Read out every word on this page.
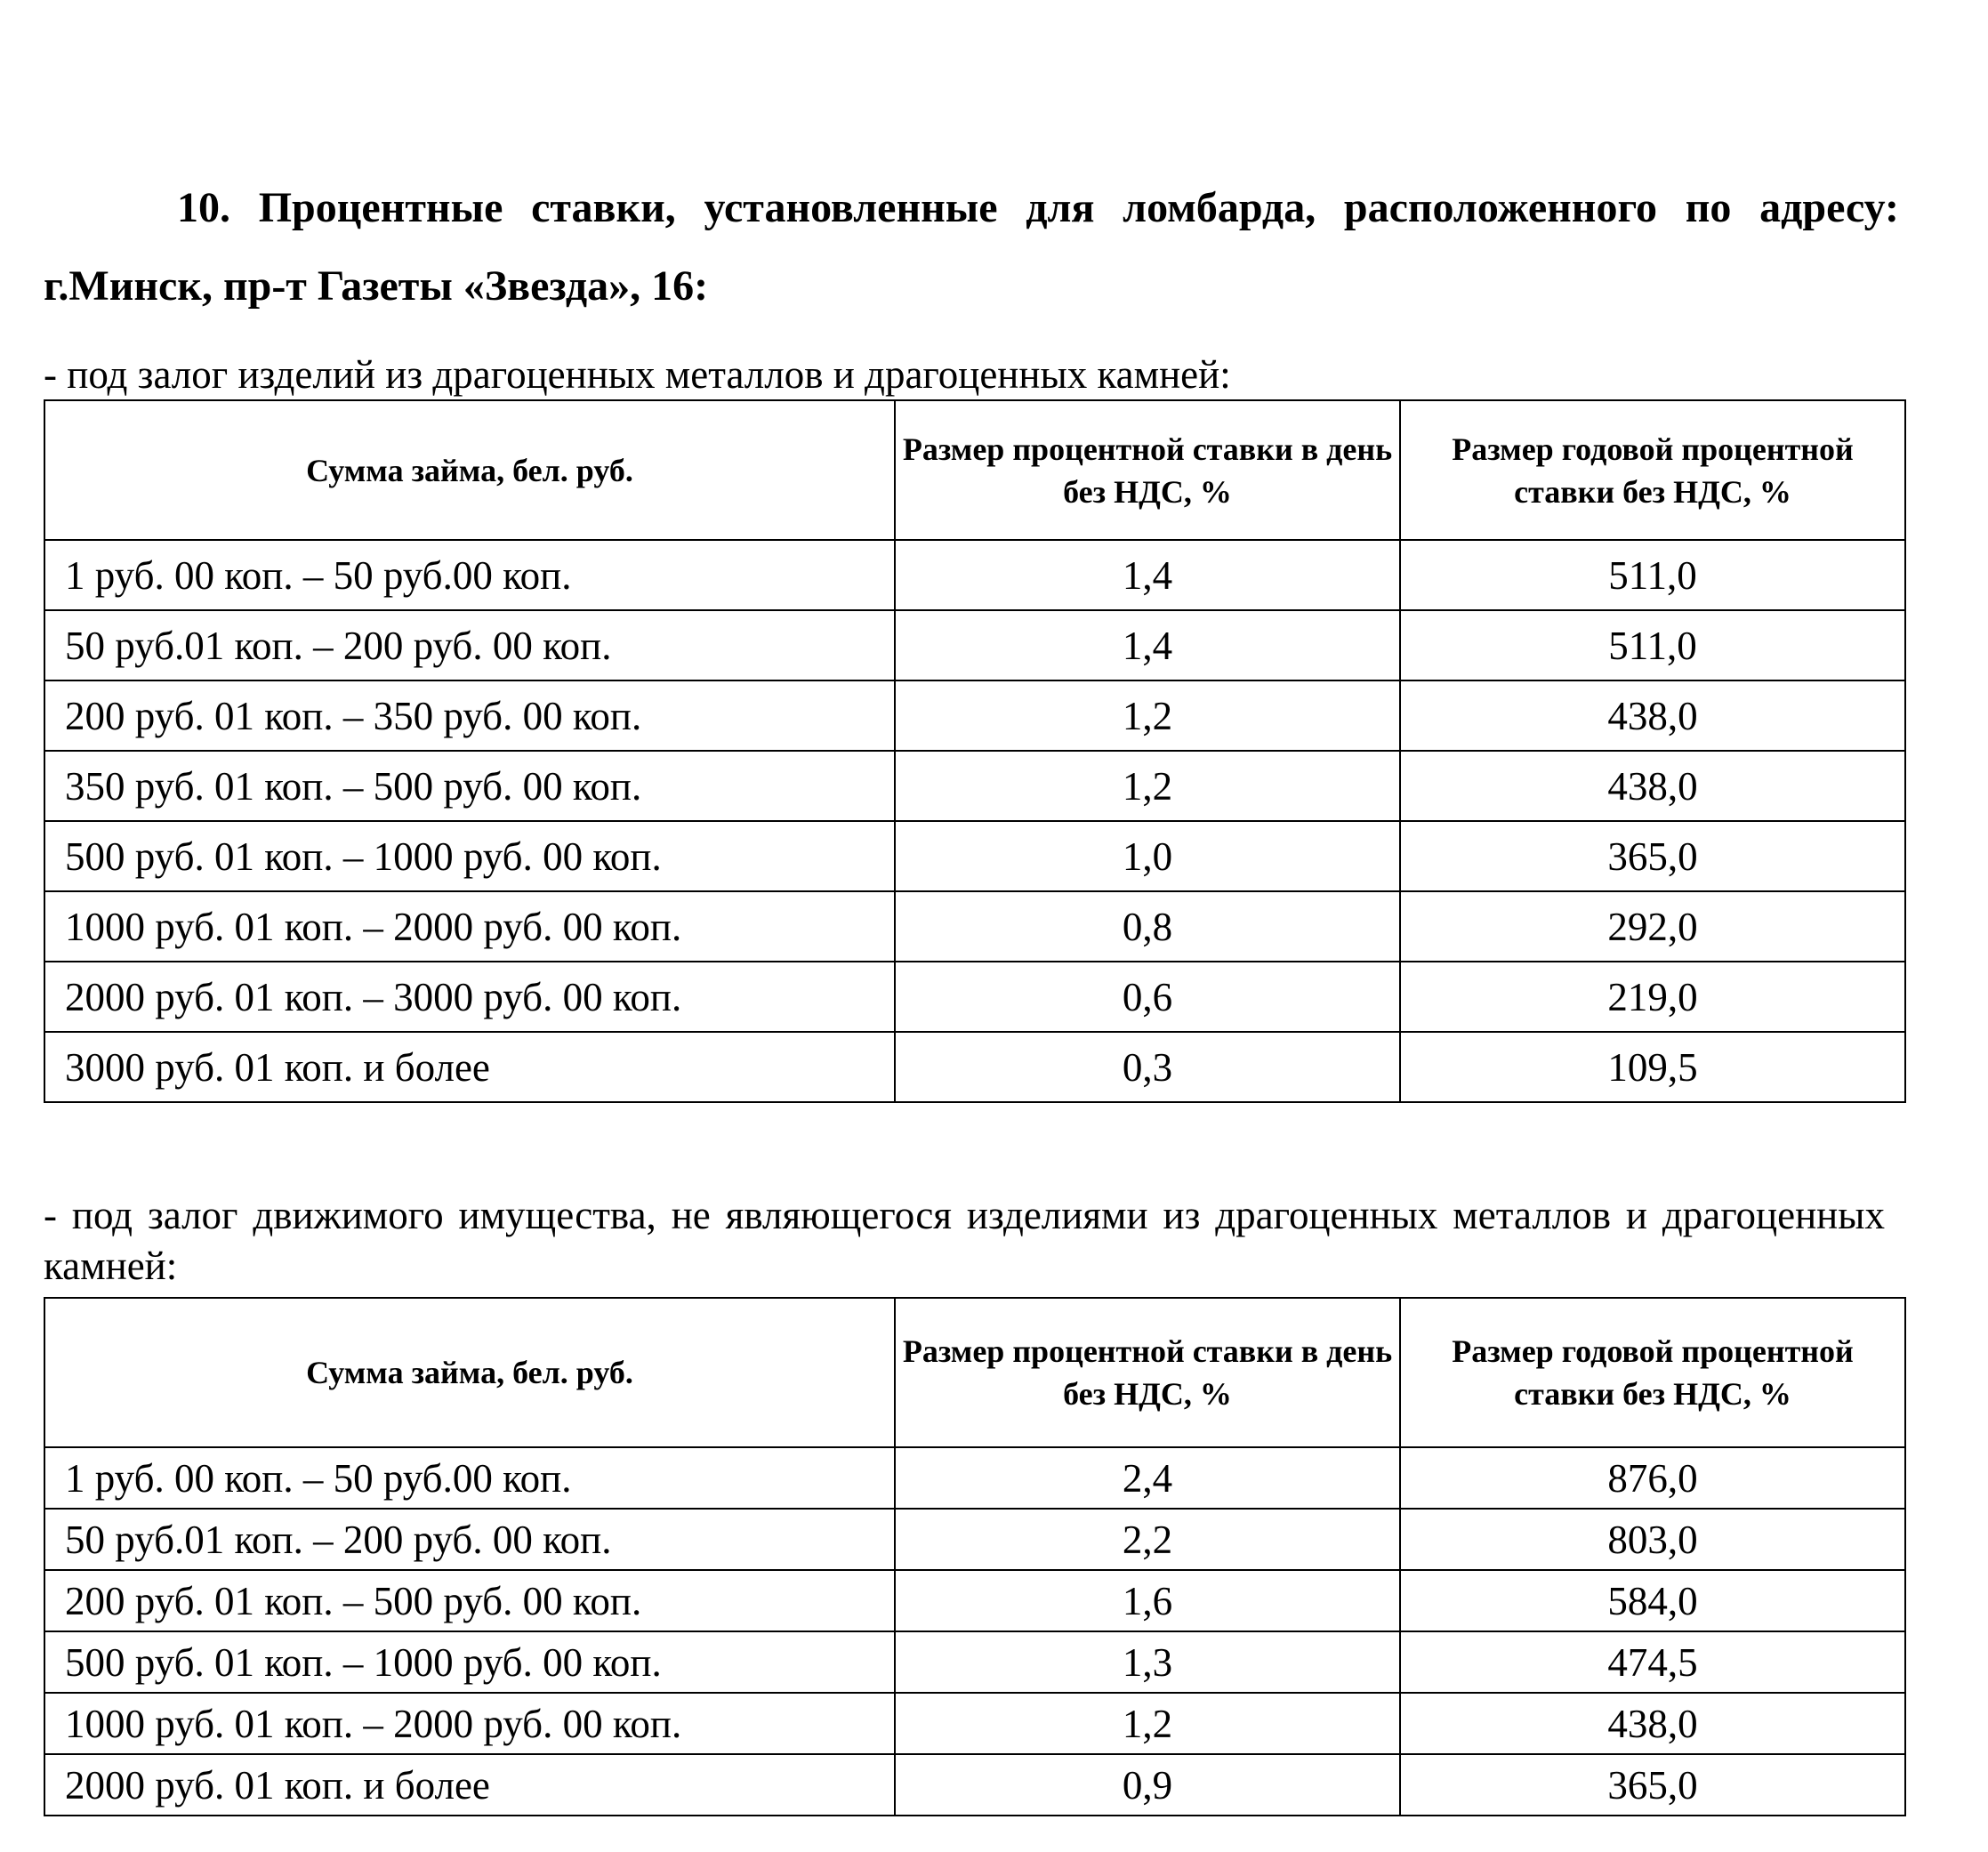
10. Процентные ставки, установленные для ломбарда, расположенного по адресу: г.Минск, пр-т Газеты «Звезда», 16:

- под залог изделий из драгоценных металлов и драгоценных камней:

Сумма займа, бел. руб.	Размер процентной ставки в день без НДС, %	Размер годовой процентной ставки без НДС, %
1 руб. 00 коп. – 50 руб.00 коп.	1,4	511,0
50 руб.01 коп. – 200 руб. 00 коп.	1,4	511,0
200 руб. 01 коп. – 350 руб. 00 коп.	1,2	438,0
350 руб. 01 коп. – 500 руб. 00 коп.	1,2	438,0
500 руб. 01 коп. – 1000 руб. 00 коп.	1,0	365,0
1000 руб. 01 коп. – 2000 руб. 00 коп.	0,8	292,0
2000 руб. 01 коп. – 3000 руб. 00 коп.	0,6	219,0
3000 руб. 01 коп. и более	0,3	109,5

- под залог движимого имущества, не являющегося изделиями из драгоценных металлов и драгоценных камней:

Сумма займа, бел. руб.	Размер процентной ставки в день без НДС, %	Размер годовой процентной ставки без НДС, %
1 руб. 00 коп. – 50 руб.00 коп.	2,4	876,0
50 руб.01 коп. – 200 руб. 00 коп.	2,2	803,0
200 руб. 01 коп. – 500 руб. 00 коп.	1,6	584,0
500 руб. 01 коп. – 1000 руб. 00 коп.	1,3	474,5
1000 руб. 01 коп. – 2000 руб. 00 коп.	1,2	438,0
2000 руб. 01 коп. и более	0,9	365,0
